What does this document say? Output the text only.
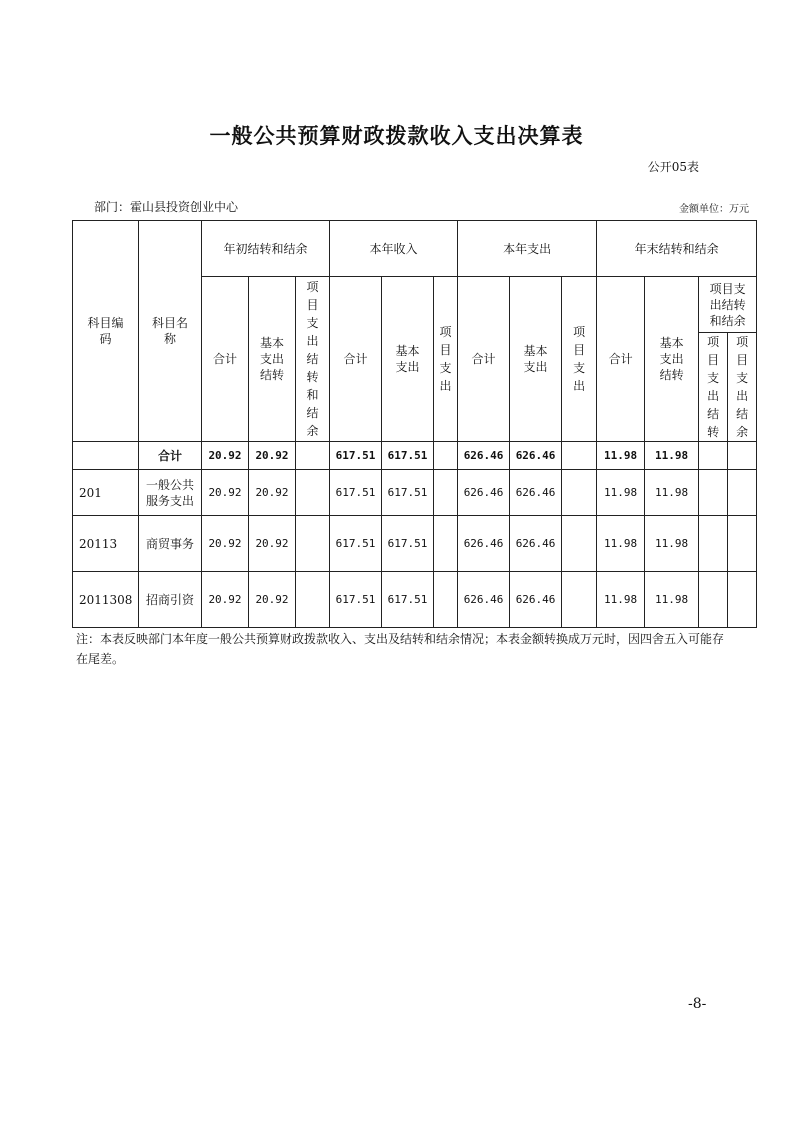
一般公共预算财政拨款收入支出决算表
公开05表
部门：霍山县投资创业中心	金额单位：万元
科目编码	科目名称	年初结转和结余			本年收入			本年支出			年末结转和结余			
		合计	基本支出结转	项目支出结转和结余	合计	基本支出	项目支出	合计	基本支出	项目支出	合计	基本支出结转	项目支出结转和结余	
													项目支出结转	项目支出结余
	合计	20.92	20.92		617.51	617.51		626.46	626.46		11.98	11.98		
201	一般公共服务支出	20.92	20.92		617.51	617.51		626.46	626.46		11.98	11.98		
20113	商贸事务	20.92	20.92		617.51	617.51		626.46	626.46		11.98	11.98		
2011308	招商引资	20.92	20.92		617.51	617.51		626.46	626.46		11.98	11.98		
注：本表反映部门本年度一般公共预算财政拨款收入、支出及结转和结余情况；本表金额转换成万元时，因四舍五入可能存在尾差。
-8-
